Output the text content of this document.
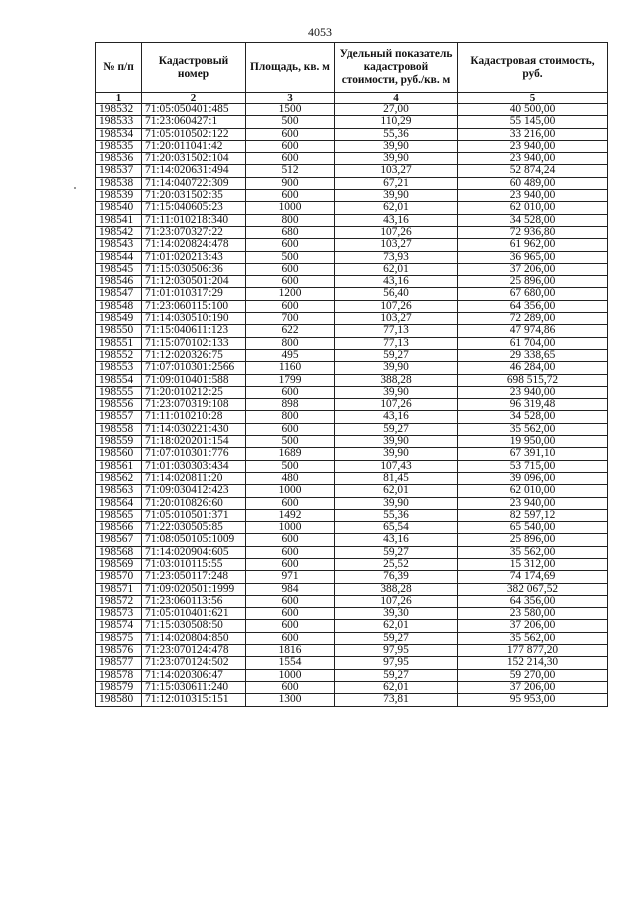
4053
№ п/п	Кадастровый номер	Площадь, кв. м	Удельный показатель кадастровой стоимости, руб./кв. м	Кадастровая стоимость, руб.
1	2	3	4	5
198532	71:05:050401:485	1500	27,00	40 500,00
198533	71:23:060427:1	500	110,29	55 145,00
198534	71:05:010502:122	600	55,36	33 216,00
198535	71:20:011041:42	600	39,90	23 940,00
198536	71:20:031502:104	600	39,90	23 940,00
198537	71:14:020631:494	512	103,27	52 874,24
198538	71:14:040722:309	900	67,21	60 489,00
198539	71:20:031502:35	600	39,90	23 940,00
198540	71:15:040605:23	1000	62,01	62 010,00
198541	71:11:010218:340	800	43,16	34 528,00
198542	71:23:070327:22	680	107,26	72 936,80
198543	71:14:020824:478	600	103,27	61 962,00
198544	71:01:020213:43	500	73,93	36 965,00
198545	71:15:030506:36	600	62,01	37 206,00
198546	71:12:030501:204	600	43,16	25 896,00
198547	71:01:010317:29	1200	56,40	67 680,00
198548	71:23:060115:100	600	107,26	64 356,00
198549	71:14:030510:190	700	103,27	72 289,00
198550	71:15:040611:123	622	77,13	47 974,86
198551	71:15:070102:133	800	77,13	61 704,00
198552	71:12:020326:75	495	59,27	29 338,65
198553	71:07:010301:2566	1160	39,90	46 284,00
198554	71:09:010401:588	1799	388,28	698 515,72
198555	71:20:010212:25	600	39,90	23 940,00
198556	71:23:070319:108	898	107,26	96 319,48
198557	71:11:010210:28	800	43,16	34 528,00
198558	71:14:030221:430	600	59,27	35 562,00
198559	71:18:020201:154	500	39,90	19 950,00
198560	71:07:010301:776	1689	39,90	67 391,10
198561	71:01:030303:434	500	107,43	53 715,00
198562	71:14:020811:20	480	81,45	39 096,00
198563	71:09:030412:423	1000	62,01	62 010,00
198564	71:20:010826:60	600	39,90	23 940,00
198565	71:05:010501:371	1492	55,36	82 597,12
198566	71:22:030505:85	1000	65,54	65 540,00
198567	71:08:050105:1009	600	43,16	25 896,00
198568	71:14:020904:605	600	59,27	35 562,00
198569	71:03:010115:55	600	25,52	15 312,00
198570	71:23:050117:248	971	76,39	74 174,69
198571	71:09:020501:1999	984	388,28	382 067,52
198572	71:23:060113:56	600	107,26	64 356,00
198573	71:05:010401:621	600	39,30	23 580,00
198574	71:15:030508:50	600	62,01	37 206,00
198575	71:14:020804:850	600	59,27	35 562,00
198576	71:23:070124:478	1816	97,95	177 877,20
198577	71:23:070124:502	1554	97,95	152 214,30
198578	71:14:020306:47	1000	59,27	59 270,00
198579	71:15:030611:240	600	62,01	37 206,00
198580	71:12:010315:151	1300	73,81	95 953,00
